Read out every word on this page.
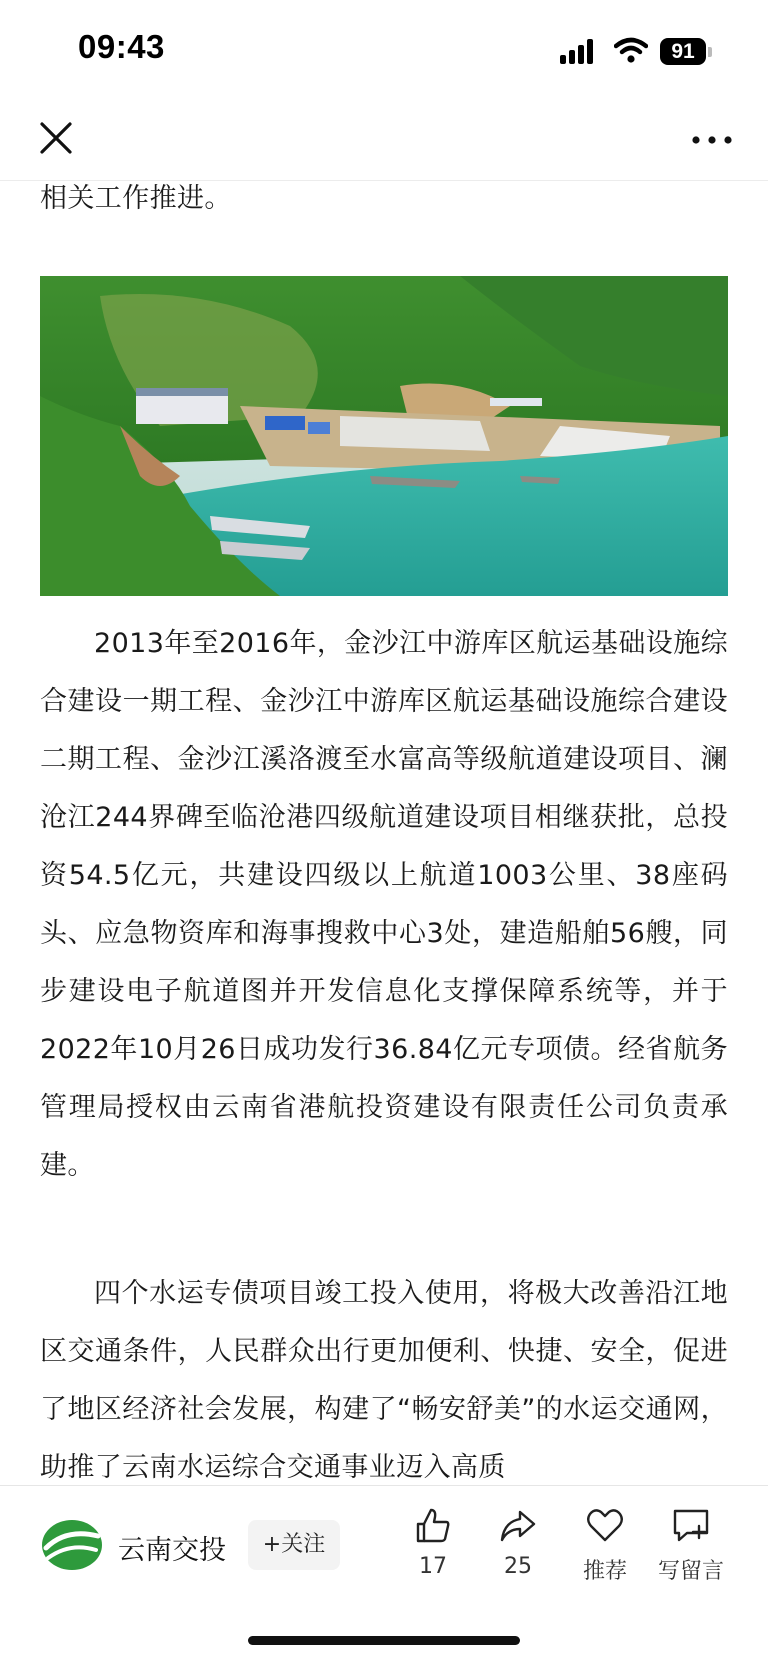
09:43	91

相关工作推进。

2013年至2016年，金沙江中游库区航运基础设施综合建设一期工程、金沙江中游库区航运基础设施综合建设二期工程、金沙江溪洛渡至水富高等级航道建设项目、澜沧江244界碑至临沧港四级航道建设项目相继获批，总投资54.5亿元，共建设四级以上航道1003公里、38座码头、应急物资库和海事搜救中心3处，建造船舶56艘，同步建设电子航道图并开发信息化支撑保障系统等，并于2022年10月26日成功发行36.84亿元专项债。经省航务管理局授权由云南省港航投资建设有限责任公司负责承建。

四个水运专债项目竣工投入使用，将极大改善沿江地区交通条件，人民群众出行更加便利、快捷、安全，促进了地区经济社会发展，构建了“畅安舒美”的水运交通网，助推了云南水运综合交通事业迈入高质

云南交投	+关注
17	25	推荐	写留言
